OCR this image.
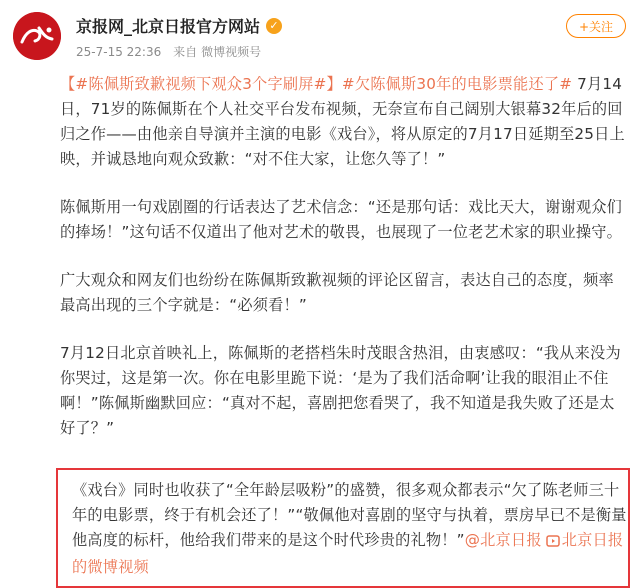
京报网_北京日报官方网站 ✓
25-7-15 22:36 来自 微博视频号
+关注

【#陈佩斯致歉视频下观众3个字刷屏#】#欠陈佩斯30年的电影票能还了# 7月14日，71岁的陈佩斯在个人社交平台发布视频，无奈宣布自己阔别大银幕32年后的回归之作——由他亲自导演并主演的电影《戏台》，将从原定的7月17日延期至25日上映，并诚恳地向观众致歉：“对不住大家，让您久等了！”

陈佩斯用一句戏剧圈的行话表达了艺术信念：“还是那句话：戏比天大，谢谢观众们的捧场！”这句话不仅道出了他对艺术的敬畏，也展现了一位老艺术家的职业操守。

广大观众和网友们也纷纷在陈佩斯致歉视频的评论区留言，表达自己的态度，频率最高出现的三个字就是：“必须看！”

7月12日北京首映礼上，陈佩斯的老搭档朱时茂眼含热泪，由衷感叹：“我从来没为你哭过，这是第一次。你在电影里跪下说：‘是为了我们活命啊’让我的眼泪止不住啊！”陈佩斯幽默回应：“真对不起，喜剧把您看哭了，我不知道是我失败了还是太好了？”

《戏台》同时也收获了“全年龄层吸粉”的盛赞，很多观众都表示“欠了陈老师三十年的电影票，终于有机会还了！”“敬佩他对喜剧的坚守与执着，票房早已不是衡量他高度的标杆，他给我们带来的是这个时代珍贵的礼物！”@北京日报 北京日报的微博视频
